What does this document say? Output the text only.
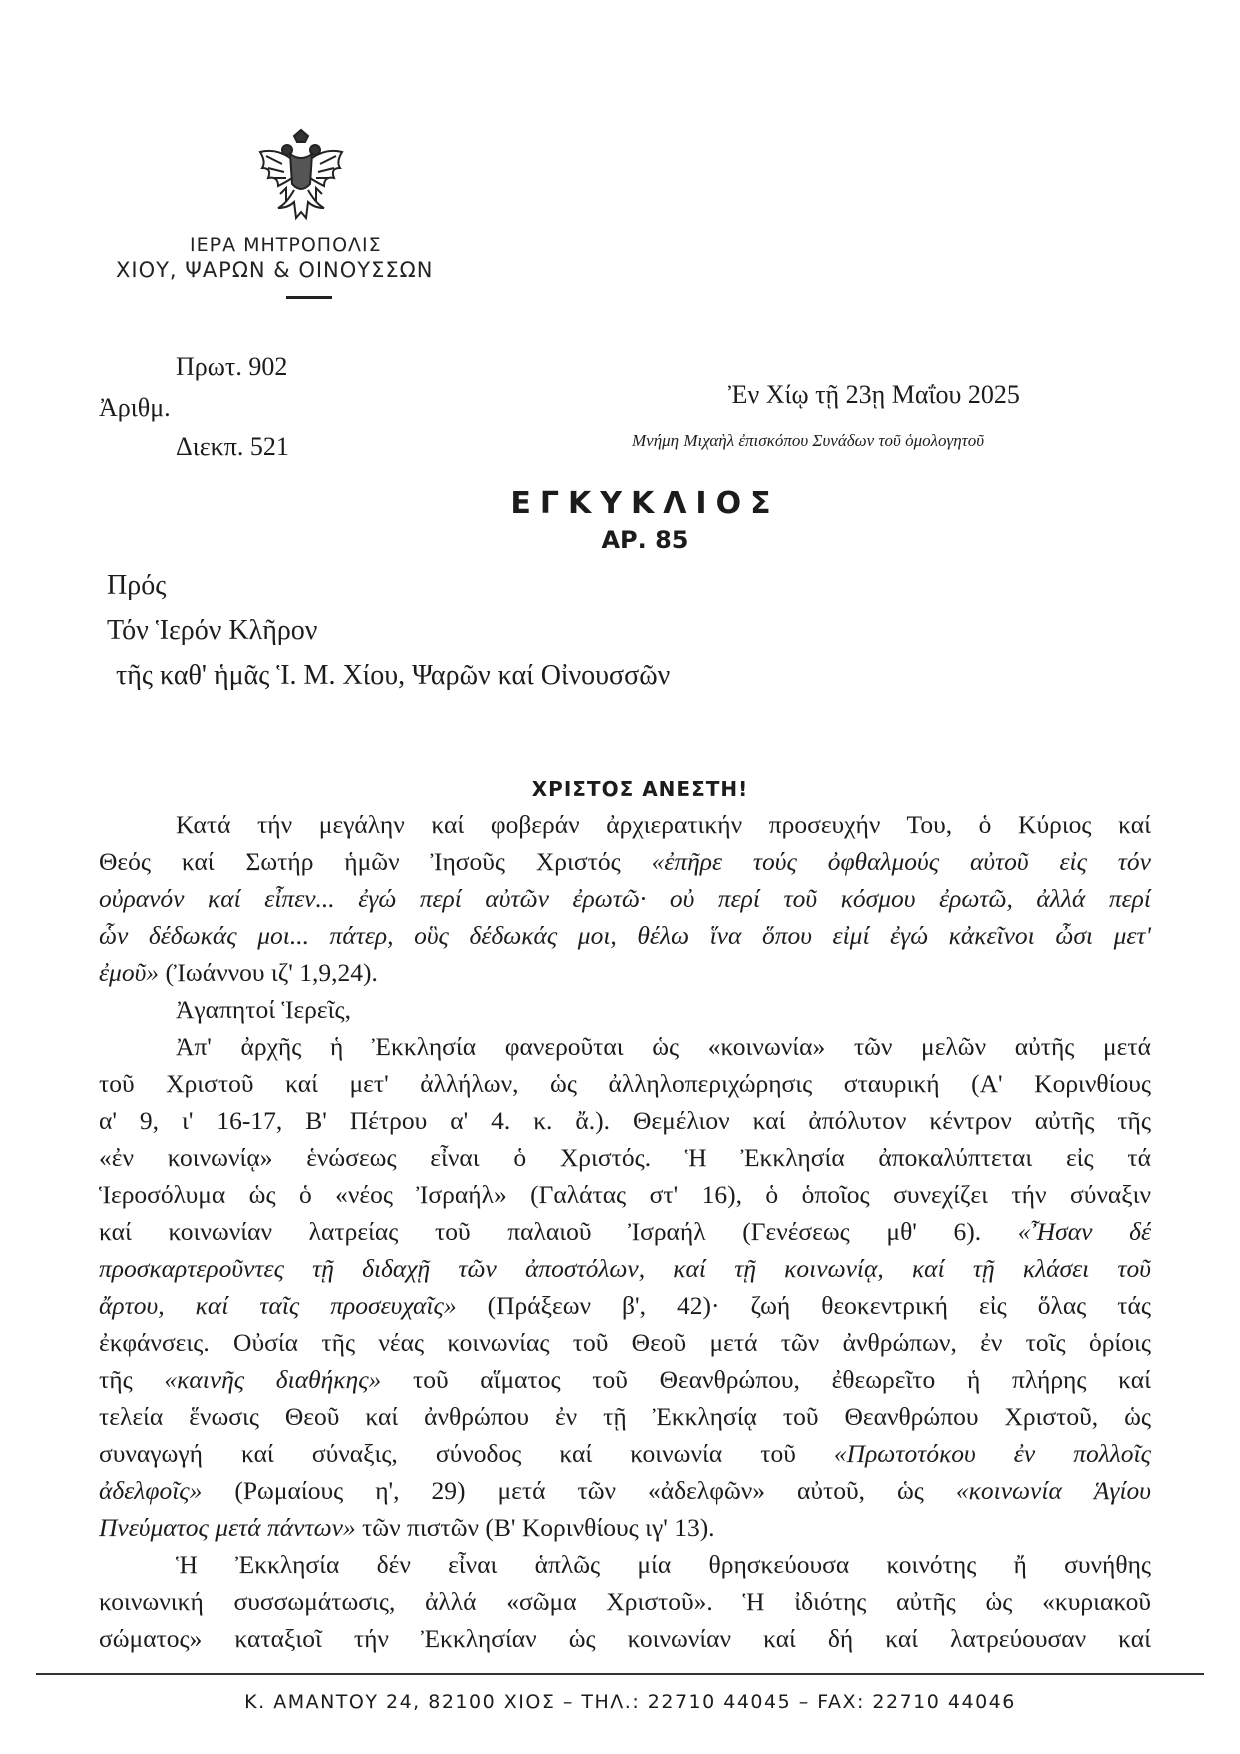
ΙΕΡΑ ΜΗΤΡΟΠΟΛΙΣ
ΧΙΟΥ, ΨΑΡΩΝ & ΟΙΝΟΥΣΣΩΝ
Πρωτ. 902
Ἀριθμ.
Διεκπ. 521
Ἐν Χίῳ τῇ 23ῃ Μαΐου 2025
Μνήμη Μιχαὴλ ἐπισκόπου Συνάδων τοῦ ὁμολογητοῦ
ΕΓΚΥΚΛΙΟΣ
ΑΡ. 85
Πρός
Τόν Ἱερόν Κλῆρον
τῆς καθ' ἡμᾶς Ἱ. Μ. Χίου, Ψαρῶν καί Οἰνουσσῶν
ΧΡΙΣΤΟΣ ΑΝΕΣΤΗ!
Κατά τήν μεγάλην καί φοβεράν ἀρχιερατικήν προσευχήν Του, ὁ Κύριος καί
Θεός καί Σωτήρ ἡμῶν Ἰησοῦς Χριστός «ἐπῆρε τούς ὀφθαλμούς αὐτοῦ εἰς τόν
οὐρανόν καί εἶπεν... ἐγώ περί αὐτῶν ἐρωτῶ· οὐ περί τοῦ κόσμου ἐρωτῶ, ἀλλά περί
ὧν δέδωκάς μοι... πάτερ, οὓς δέδωκάς μοι, θέλω ἵνα ὅπου εἰμί ἐγώ κἀκεῖνοι ὦσι μετ'
ἐμοῦ» (Ἰωάννου ιζ' 1,9,24).
Ἀγαπητοί Ἱερεῖς,
Ἀπ' ἀρχῆς ἡ Ἐκκλησία φανεροῦται ὡς «κοινωνία» τῶν μελῶν αὐτῆς μετά
τοῦ Χριστοῦ καί μετ' ἀλλήλων, ὡς ἀλληλοπεριχώρησις σταυρική (Α' Κορινθίους
α' 9, ι' 16-17, Β' Πέτρου α' 4. κ. ἄ.). Θεμέλιον καί ἀπόλυτον κέντρον αὐτῆς τῆς
«ἐν κοινωνίᾳ» ἑνώσεως εἶναι ὁ Χριστός. Ἡ Ἐκκλησία ἀποκαλύπτεται εἰς τά
Ἱεροσόλυμα ὡς ὁ «νέος Ἰσραήλ» (Γαλάτας στ' 16), ὁ ὁποῖος συνεχίζει τήν σύναξιν
καί κοινωνίαν λατρείας τοῦ παλαιοῦ Ἰσραήλ (Γενέσεως μθ' 6). «Ἦσαν δέ
προσκαρτεροῦντες τῇ διδαχῇ τῶν ἀποστόλων, καί τῇ κοινωνίᾳ, καί τῇ κλάσει τοῦ
ἄρτου, καί ταῖς προσευχαῖς» (Πράξεων β', 42)· ζωή θεοκεντρική εἰς ὅλας τάς
ἐκφάνσεις. Οὐσία τῆς νέας κοινωνίας τοῦ Θεοῦ μετά τῶν ἀνθρώπων, ἐν τοῖς ὁρίοις
τῆς «καινῆς διαθήκης» τοῦ αἵματος τοῦ Θεανθρώπου, ἐθεωρεῖτο ἡ πλήρης καί
τελεία ἕνωσις Θεοῦ καί ἀνθρώπου ἐν τῇ Ἐκκλησίᾳ τοῦ Θεανθρώπου Χριστοῦ, ὡς
συναγωγή καί σύναξις, σύνοδος καί κοινωνία τοῦ «Πρωτοτόκου ἐν πολλοῖς
ἀδελφοῖς» (Ρωμαίους η', 29) μετά τῶν «ἀδελφῶν» αὐτοῦ, ὡς «κοινωνία Ἁγίου
Πνεύματος μετά πάντων» τῶν πιστῶν (Β' Κορινθίους ιγ' 13).
Ἡ Ἐκκλησία δέν εἶναι ἁπλῶς μία θρησκεύουσα κοινότης ἤ συνήθης
κοινωνική συσσωμάτωσις, ἀλλά «σῶμα Χριστοῦ». Ἡ ἰδιότης αὐτῆς ὡς «κυριακοῦ
σώματος» καταξιοῖ τήν Ἐκκλησίαν ὡς κοινωνίαν καί δή καί λατρεύουσαν καί
Κ. ΑΜΑΝΤΟΥ 24, 82100 ΧΙΟΣ – ΤΗΛ.: 22710 44045 – FAX: 22710 44046
